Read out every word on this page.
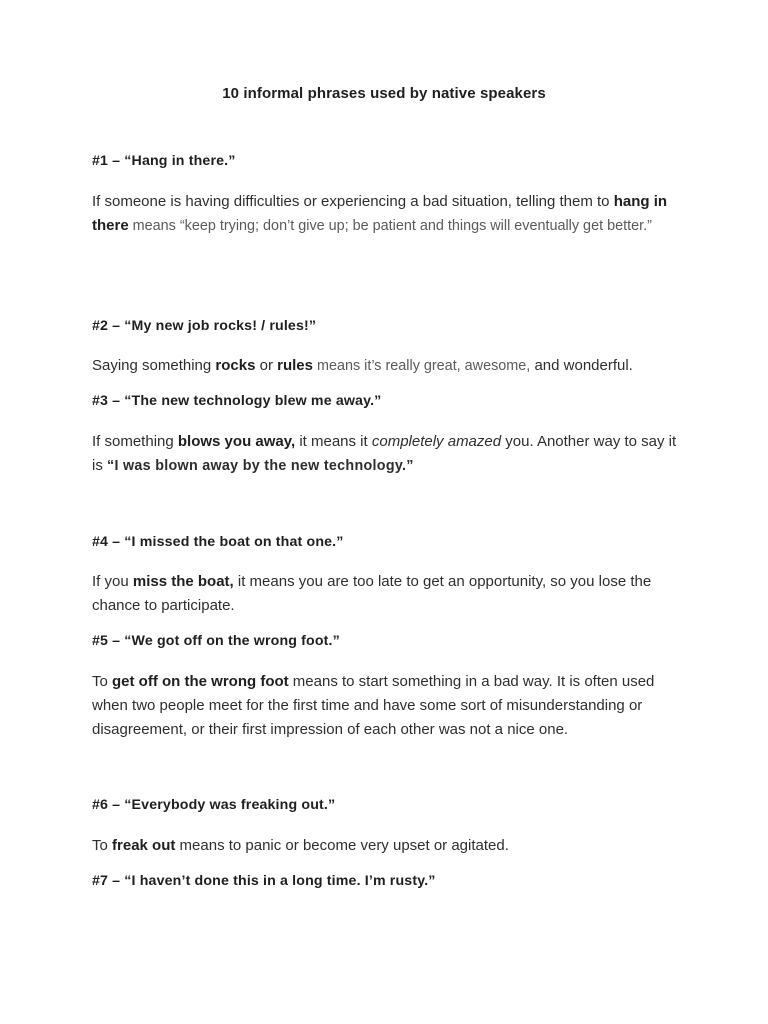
10 informal phrases used by native speakers
#1 – “Hang in there.”
If someone is having difficulties or experiencing a bad situation, telling them to hang in there means “keep trying; don’t give up; be patient and things will eventually get better.”
#2 – “My new job rocks! / rules!”
Saying something rocks or rules means it’s really great, awesome, and wonderful.
#3 – “The new technology blew me away.”
If something blows you away, it means it completely amazed you. Another way to say it is “I was blown away by the new technology.”
#4 – “I missed the boat on that one.”
If you miss the boat, it means you are too late to get an opportunity, so you lose the chance to participate.
#5 – “We got off on the wrong foot.”
To get off on the wrong foot means to start something in a bad way. It is often used when two people meet for the first time and have some sort of misunderstanding or disagreement, or their first impression of each other was not a nice one.
#6 – “Everybody was freaking out.”
To freak out means to panic or become very upset or agitated.
#7 – “I haven’t done this in a long time. I’m rusty.”
